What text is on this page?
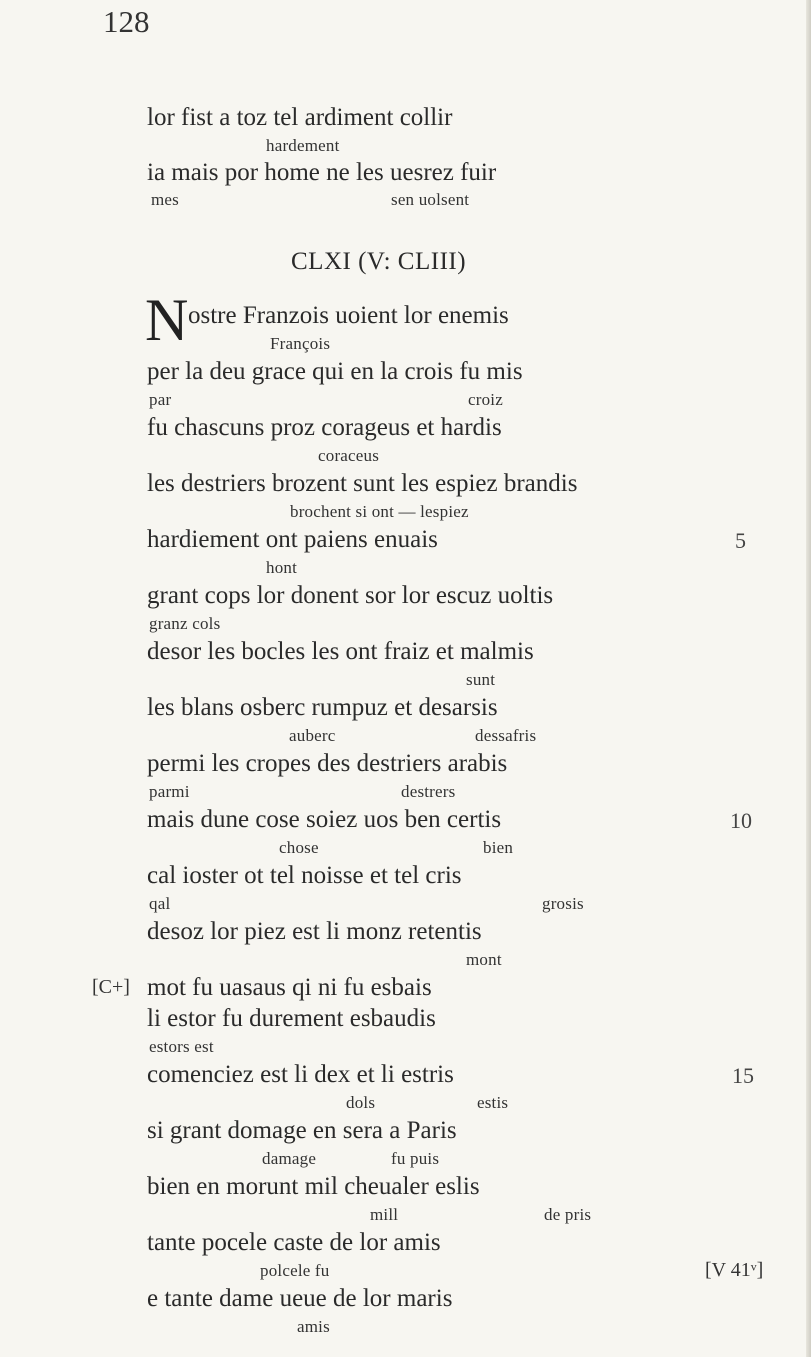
128
lor fist a toz tel ardiment collir
hardement
ia mais por home ne les uesrez fuir
mes	sen uolsent
CLXI (V: CLIII)
N ostre Franzois uoient lor enemis
François
per la deu grace qui en la crois fu mis
par	croiz
fu chascuns proz corageus et hardis
coraceus
les destriers brozent sunt les espiez brandis
brochent si ont — lespiez
hardiement ont paiens enuais	5
hont
grant cops lor donent sor lor escuz uoltis
granz cols
desor les bocles les ont fraiz et malmis
sunt
les blans osberc rumpuz et desarsis
auberc	dessafris
permi les cropes des destriers arabis
parmi	destrers
mais dune cose soiez uos ben certis	10
chose	bien
cal ioster ot tel noisse et tel cris
qal	grosis
desoz lor piez est li monz retentis
mont
[C+] mot fu uasaus qi ni fu esbais
li estor fu durement esbaudis
estors est
comenciez est li dex et li estris	15
dols	estis
si grant domage en sera a Paris
damage	fu puis
bien en morunt mil cheualer eslis
mill	de pris
tante pocele caste de lor amis
polcele fu	[V 41ᵛ]
e tante dame ueue de lor maris
amis
